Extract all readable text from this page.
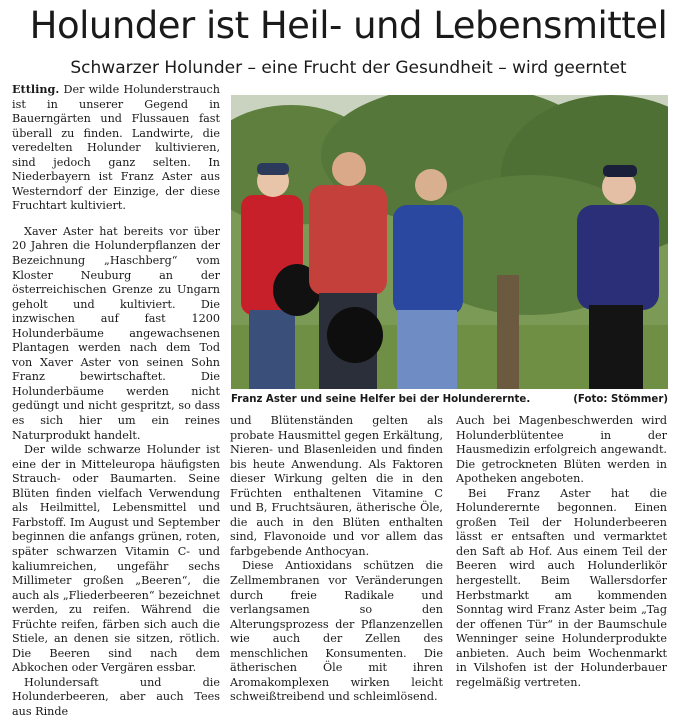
Holunder ist Heil- und Lebensmittel
Schwarzer Holunder – eine Frucht der Gesundheit – wird geerntet

Ettling. Der wilde Holunderstrauch ist in unserer Gegend in Bauerngärten und Flussauen fast überall zu finden. Landwirte, die veredelten Holunder kultivieren, sind jedoch ganz selten. In Niederbayern ist Franz Aster aus Westerndorf der Einzige, der diese Fruchtart kultiviert.

Xaver Aster hat bereits vor über 20 Jahren die Holunderpflanzen der Bezeichnung „Haschberg“ vom Kloster Neuburg an der österreichischen Grenze zu Ungarn geholt und kultiviert. Die inzwischen auf fast 1200 Holunderbäume angewachsenen Plantagen werden nach dem Tod von Xaver Aster von seinen Sohn Franz bewirtschaftet. Die Holunderbäume werden nicht gedüngt und nicht gespritzt, so dass es sich hier um ein reines Naturprodukt handelt.

Der wilde schwarze Holunder ist eine der in Mitteleuropa häufigsten Strauch- oder Baumarten. Seine Blüten finden vielfach Verwendung als Heilmittel, Lebensmittel und Farbstoff. Im August und September beginnen die anfangs grünen, roten, später schwarzen Vitamin C- und kaliumreichen, ungefähr sechs Millimeter großen „Beeren“, die auch als „Fliederbeeren“ bezeichnet werden, zu reifen. Während die Früchte reifen, färben sich auch die Stiele, an denen sie sitzen, rötlich. Die Beeren sind nach dem Abkochen oder Vergären essbar.

Holundersaft und die Holunderbeeren, aber auch Tees aus Rinde

Franz Aster und seine Helfer bei der Holunderernte.	(Foto: Stömmer)

und Blütenständen gelten als probate Hausmittel gegen Erkältung, Nieren- und Blasenleiden und finden bis heute Anwendung. Als Faktoren dieser Wirkung gelten die in den Früchten enthaltenen Vitamine C und B, Fruchtsäuren, ätherische Öle, die auch in den Blüten enthalten sind, Flavonoide und vor allem das farbgebende Anthocyan.

Diese Antioxidans schützen die Zellmembranen vor Veränderungen durch freie Radikale und verlangsamen so den Alterungsprozess der Pflanzenzellen wie auch der Zellen des menschlichen Konsumenten. Die ätherischen Öle mit ihren Aromakomplexen wirken leicht schweißtreibend und schleimlösend.

Auch bei Magenbeschwerden wird Holunderblütentee in der Hausmedizin erfolgreich angewandt. Die getrockneten Blüten werden in Apotheken angeboten.

Bei Franz Aster hat die Holunderernte begonnen. Einen großen Teil der Holunderbeeren lässt er entsaften und vermarktet den Saft ab Hof. Aus einem Teil der Beeren wird auch Holunderlikör hergestellt. Beim Wallersdorfer Herbstmarkt am kommenden Sonntag wird Franz Aster beim „Tag der offenen Tür“ in der Baumschule Wenninger seine Holunderprodukte anbieten. Auch beim Wochenmarkt in Vilshofen ist der Holunderbauer regelmäßig vertreten.
